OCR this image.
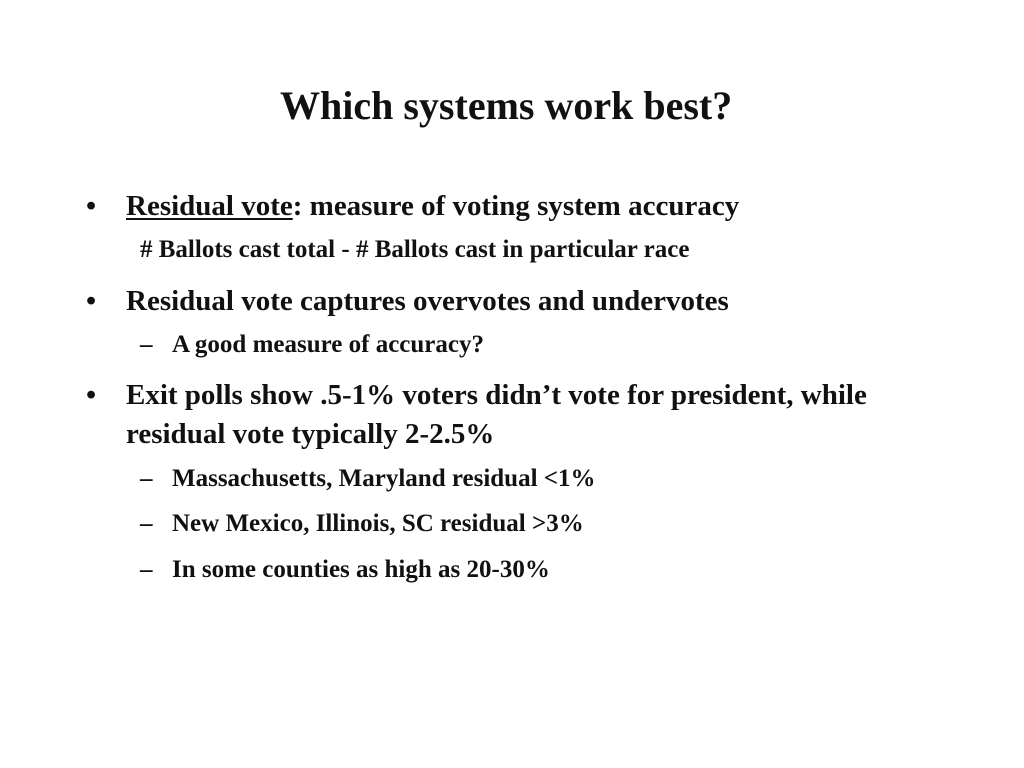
Which systems work best?
•	Residual vote: measure of voting system accuracy
# Ballots cast total - # Ballots cast in particular race
•	Residual vote captures overvotes and undervotes
– A good measure of accuracy?
•	Exit polls show .5-1% voters didn’t vote for president, while residual vote typically 2-2.5%
– Massachusetts, Maryland residual <1%
– New Mexico, Illinois, SC residual >3%
– In some counties as high as 20-30%
